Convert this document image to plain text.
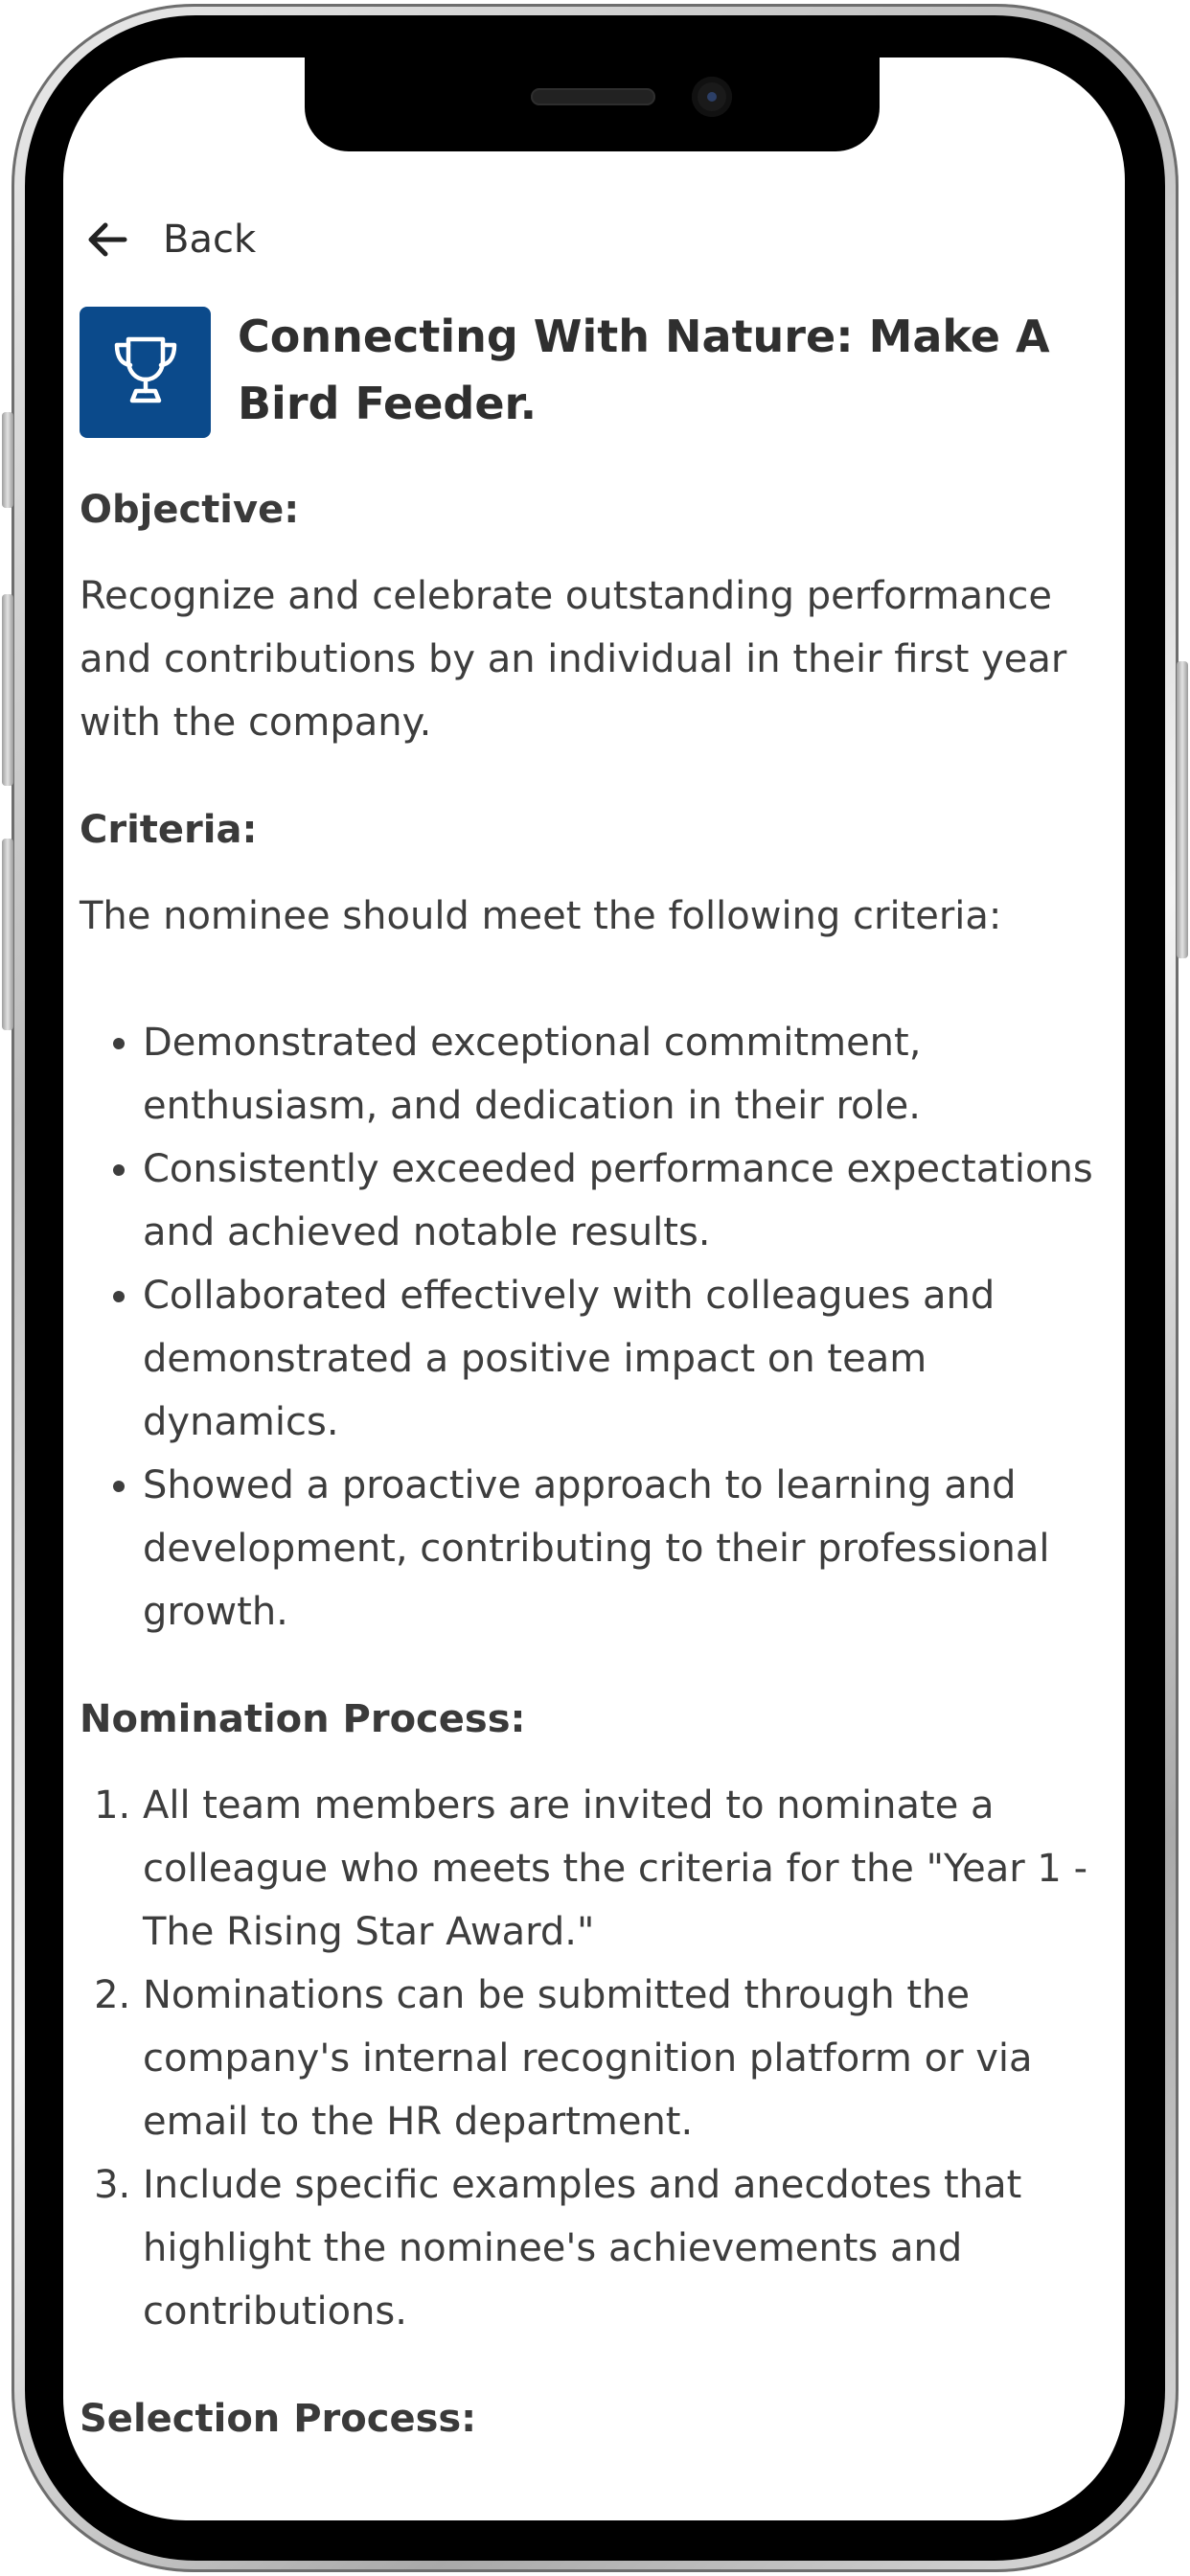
Back
Connecting With Nature: Make A Bird Feeder.
Objective:

Recognize and celebrate outstanding performance and contributions by an individual in their first year with the company.

Criteria:

The nominee should meet the following criteria:

• Demonstrated exceptional commitment, enthusiasm, and dedication in their role.
• Consistently exceeded performance expectations and achieved notable results.
• Collaborated effectively with colleagues and demonstrated a positive impact on team dynamics.
• Showed a proactive approach to learning and development, contributing to their professional growth.
Nomination Process:
1. All team members are invited to nominate a colleague who meets the criteria for the "Year 1 - The Rising Star Award."
2. Nominations can be submitted through the company's internal recognition platform or via email to the HR department.
3. Include specific examples and anecdotes that highlight the nominee's achievements and contributions.
Selection Process:
